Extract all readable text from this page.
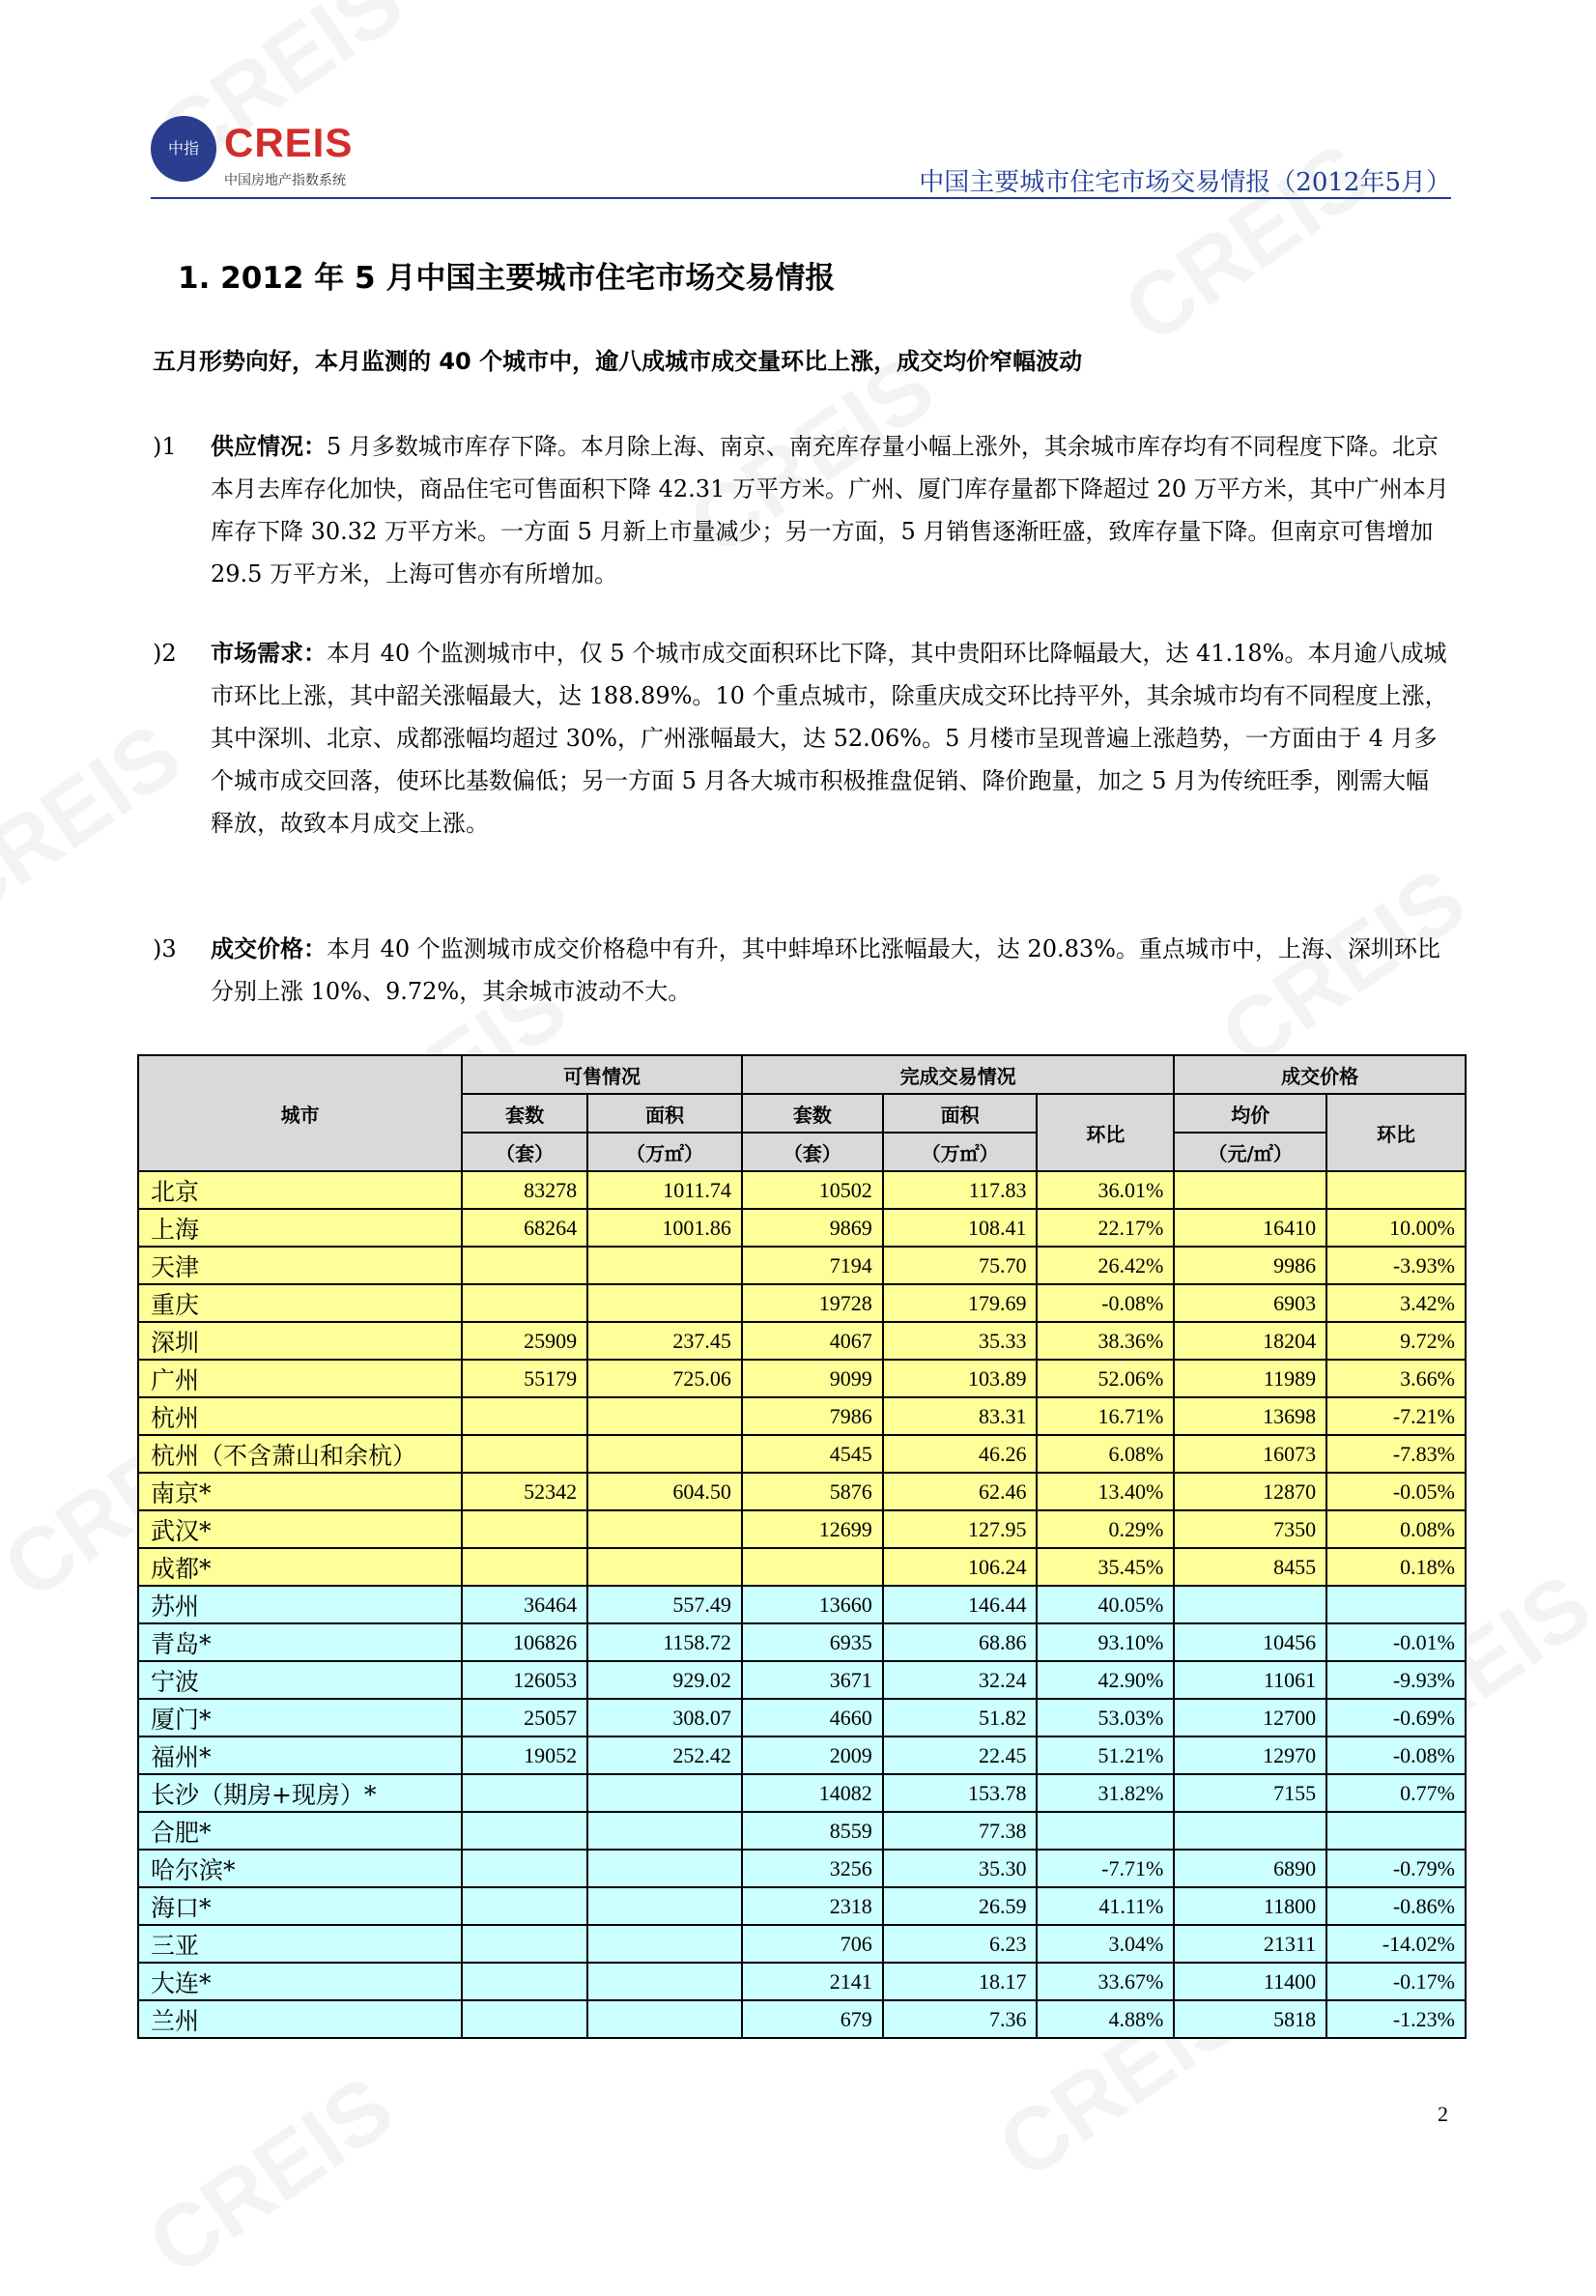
中指 CREIS
中国房地产指数系统	中国主要城市住宅市场交易情报（2012年5月）
1. 2012 年 5 月中国主要城市住宅市场交易情报
五月形势向好，本月监测的 40 个城市中，逾八成城市成交量环比上涨，成交均价窄幅波动
)1 供应情况：5 月多数城市库存下降。本月除上海、南京、南充库存量小幅上涨外，其余城市库存均有不同程度下降。北京本月去库存化加快，商品住宅可售面积下降 42.31 万平方米。广州、厦门库存量都下降超过 20 万平方米，其中广州本月库存下降 30.32 万平方米。一方面 5 月新上市量减少；另一方面，5 月销售逐渐旺盛，致库存量下降。但南京可售增加 29.5 万平方米，上海可售亦有所增加。
)2 市场需求：本月 40 个监测城市中，仅 5 个城市成交面积环比下降，其中贵阳环比降幅最大，达 41.18%。本月逾八成城市环比上涨，其中韶关涨幅最大，达 188.89%。10 个重点城市，除重庆成交环比持平外，其余城市均有不同程度上涨，其中深圳、北京、成都涨幅均超过 30%，广州涨幅最大，达 52.06%。5 月楼市呈现普遍上涨趋势，一方面由于 4 月多个城市成交回落，使环比基数偏低；另一方面 5 月各大城市积极推盘促销、降价跑量，加之 5 月为传统旺季，刚需大幅释放，故致本月成交上涨。
)3 成交价格：本月 40 个监测城市成交价格稳中有升，其中蚌埠环比涨幅最大，达 20.83%。重点城市中，上海、深圳环比分别上涨 10%、9.72%，其余城市波动不大。
城市	可售情况		完成交易情况			成交价格	
	套数	面积	套数	面积	环比	均价	环比
	（套）	（万㎡）	（套）	（万㎡）		（元/㎡）	
北京	83278	1011.74	10502	117.83	36.01%		
上海	68264	1001.86	9869	108.41	22.17%	16410	10.00%
天津			7194	75.70	26.42%	9986	-3.93%
重庆			19728	179.69	-0.08%	6903	3.42%
深圳	25909	237.45	4067	35.33	38.36%	18204	9.72%
广州	55179	725.06	9099	103.89	52.06%	11989	3.66%
杭州			7986	83.31	16.71%	13698	-7.21%
杭州（不含萧山和余杭）			4545	46.26	6.08%	16073	-7.83%
南京*	52342	604.50	5876	62.46	13.40%	12870	-0.05%
武汉*			12699	127.95	0.29%	7350	0.08%
成都*				106.24	35.45%	8455	0.18%
苏州	36464	557.49	13660	146.44	40.05%		
青岛*	106826	1158.72	6935	68.86	93.10%	10456	-0.01%
宁波	126053	929.02	3671	32.24	42.90%	11061	-9.93%
厦门*	25057	308.07	4660	51.82	53.03%	12700	-0.69%
福州*	19052	252.42	2009	22.45	51.21%	12970	-0.08%
长沙（期房+现房）*			14082	153.78	31.82%	7155	0.77%
合肥*			8559	77.38			
哈尔滨*			3256	35.30	-7.71%	6890	-0.79%
海口*			2318	26.59	41.11%	11800	-0.86%
三亚			706	6.23	3.04%	21311	-14.02%
大连*			2141	18.17	33.67%	11400	-0.17%
兰州			679	7.36	4.88%	5818	-1.23%
2
